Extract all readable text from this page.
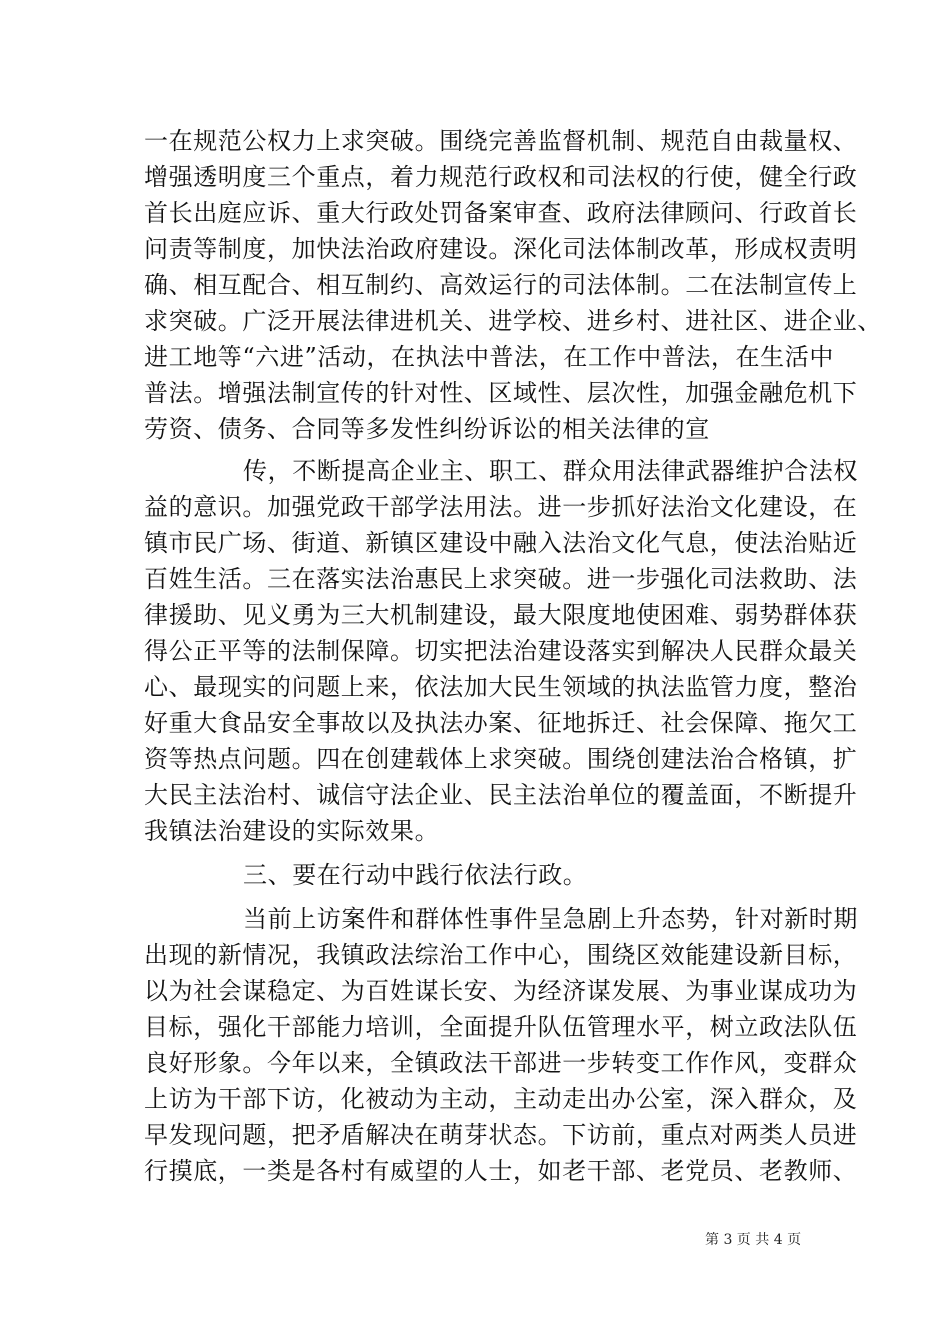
一在规范公权力上求突破。围绕完善监督机制、规范自由裁量权、
增强透明度三个重点，着力规范行政权和司法权的行使，健全行政
首长出庭应诉、重大行政处罚备案审查、政府法律顾问、行政首长
问责等制度，加快法治政府建设。深化司法体制改革，形成权责明
确、相互配合、相互制约、高效运行的司法体制。二在法制宣传上
求突破。广泛开展法律进机关、进学校、进乡村、进社区、进企业、
进工地等“六进”活动，在执法中普法，在工作中普法，在生活中
普法。增强法制宣传的针对性、区域性、层次性，加强金融危机下
劳资、债务、合同等多发性纠纷诉讼的相关法律的宣
传，不断提高企业主、职工、群众用法律武器维护合法权
益的意识。加强党政干部学法用法。进一步抓好法治文化建设，在
镇市民广场、街道、新镇区建设中融入法治文化气息，使法治贴近
百姓生活。三在落实法治惠民上求突破。进一步强化司法救助、法
律援助、见义勇为三大机制建设，最大限度地使困难、弱势群体获
得公正平等的法制保障。切实把法治建设落实到解决人民群众最关
心、最现实的问题上来，依法加大民生领域的执法监管力度，整治
好重大食品安全事故以及执法办案、征地拆迁、社会保障、拖欠工
资等热点问题。四在创建载体上求突破。围绕创建法治合格镇，扩
大民主法治村、诚信守法企业、民主法治单位的覆盖面，不断提升
我镇法治建设的实际效果。
三、要在行动中践行依法行政。
当前上访案件和群体性事件呈急剧上升态势，针对新时期
出现的新情况，我镇政法综治工作中心，围绕区效能建设新目标，
以为社会谋稳定、为百姓谋长安、为经济谋发展、为事业谋成功为
目标，强化干部能力培训，全面提升队伍管理水平，树立政法队伍
良好形象。今年以来，全镇政法干部进一步转变工作作风，变群众
上访为干部下访，化被动为主动，主动走出办公室，深入群众，及
早发现问题，把矛盾解决在萌芽状态。下访前，重点对两类人员进
行摸底，一类是各村有威望的人士，如老干部、老党员、老教师、
第 3 页 共 4 页
